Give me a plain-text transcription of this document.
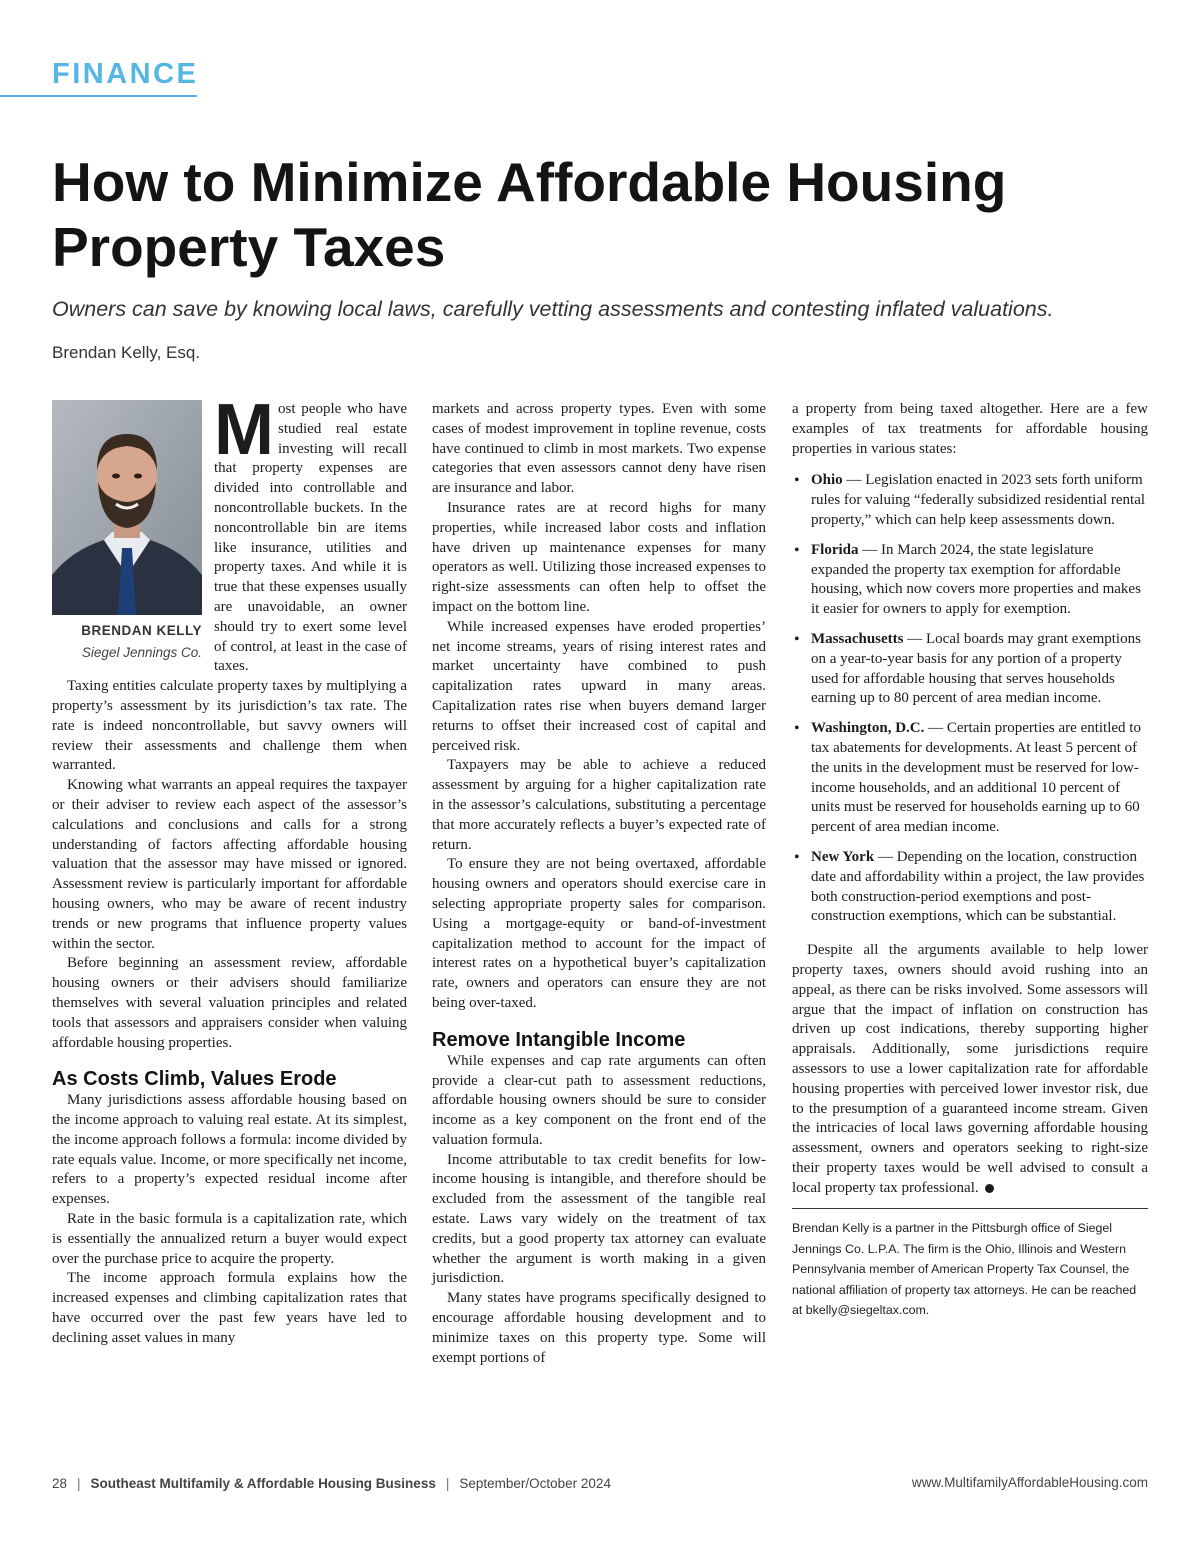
FINANCE
How to Minimize Affordable Housing Property Taxes

Owners can save by knowing local laws, carefully vetting assessments and contesting inflated valuations.

Brendan Kelly, Esq.
BRENDAN KELLY
Siegel Jennings Co.
M ost people who have studied real estate investing will recall that property expenses are divided into controllable and noncontrollable buckets. In the noncontrollable bin are items like insurance, utilities and property taxes. And while it is true that these expenses usually are unavoidable, an owner should try to exert some level of control, at least in the case of taxes.

Taxing entities calculate property taxes by multiplying a property’s assessment by its jurisdiction’s tax rate. The rate is indeed noncontrollable, but savvy owners will review their assessments and challenge them when warranted.

Knowing what warrants an appeal requires the taxpayer or their adviser to review each aspect of the assessor’s calculations and conclusions and calls for a strong understanding of factors affecting affordable housing valuation that the assessor may have missed or ignored. Assessment review is particularly important for affordable housing owners, who may be aware of recent industry trends or new programs that influence property values within the sector.

Before beginning an assessment review, affordable housing owners or their advisers should familiarize themselves with several valuation principles and related tools that assessors and appraisers consider when valuing affordable housing properties.

As Costs Climb, Values Erode

Many jurisdictions assess affordable housing based on the income approach to valuing real estate. At its simplest, the income approach follows a formula: income divided by rate equals value. Income, or more specifically net income, refers to a property’s expected residual income after expenses.

Rate in the basic formula is a capitalization rate, which is essentially the annualized return a buyer would expect over the purchase price to acquire the property.

The income approach formula explains how the increased expenses and climbing capitalization rates that have occurred over the past few years have led to declining asset values in many

markets and across property types. Even with some cases of modest improvement in topline revenue, costs have continued to climb in most markets. Two expense categories that even assessors cannot deny have risen are insurance and labor.

Insurance rates are at record highs for many properties, while increased labor costs and inflation have driven up maintenance expenses for many operators as well. Utilizing those increased expenses to right-size assessments can often help to offset the impact on the bottom line.

While increased expenses have eroded properties’ net income streams, years of rising interest rates and market uncertainty have combined to push capitalization rates upward in many areas. Capitalization rates rise when buyers demand larger returns to offset their increased cost of capital and perceived risk.

Taxpayers may be able to achieve a reduced assessment by arguing for a higher capitalization rate in the assessor’s calculations, substituting a percentage that more accurately reflects a buyer’s expected rate of return.

To ensure they are not being overtaxed, affordable housing owners and operators should exercise care in selecting appropriate property sales for comparison. Using a mortgage-equity or band-of-investment capitalization method to account for the impact of interest rates on a hypothetical buyer’s capitalization rate, owners and operators can ensure they are not being over-taxed.

Remove Intangible Income

While expenses and cap rate arguments can often provide a clear-cut path to assessment reductions, affordable housing owners should be sure to consider income as a key component on the front end of the valuation formula.

Income attributable to tax credit benefits for low-income housing is intangible, and therefore should be excluded from the assessment of the tangible real estate. Laws vary widely on the treatment of tax credits, but a good property tax attorney can evaluate whether the argument is worth making in a given jurisdiction.

Many states have programs specifically designed to encourage affordable housing development and to minimize taxes on this property type. Some will exempt portions of

a property from being taxed altogether. Here are a few examples of tax treatments for affordable housing properties in various states:

• Ohio — Legislation enacted in 2023 sets forth uniform rules for valuing “federally subsidized residential rental property,” which can help keep assessments down.
• Florida — In March 2024, the state legislature expanded the property tax exemption for affordable housing, which now covers more properties and makes it easier for owners to apply for exemption.
• Massachusetts — Local boards may grant exemptions on a year-to-year basis for any portion of a property used for affordable housing that serves households earning up to 80 percent of area median income.
• Washington, D.C. — Certain properties are entitled to tax abatements for developments. At least 5 percent of the units in the development must be reserved for low-income households, and an additional 10 percent of units must be reserved for households earning up to 60 percent of area median income.
• New York — Depending on the location, construction date and affordability within a project, the law provides both construction-period exemptions and post-construction exemptions, which can be substantial.

Despite all the arguments available to help lower property taxes, owners should avoid rushing into an appeal, as there can be risks involved. Some assessors will argue that the impact of inflation on construction has driven up cost indications, thereby supporting higher appraisals. Additionally, some jurisdictions require assessors to use a lower capitalization rate for affordable housing properties with perceived lower investor risk, due to the presumption of a guaranteed income stream. Given the intricacies of local laws governing affordable housing assessment, owners and operators seeking to right-size their property taxes would be well advised to consult a local property tax professional.

Brendan Kelly is a partner in the Pittsburgh office of Siegel Jennings Co. L.P.A. The firm is the Ohio, Illinois and Western Pennsylvania member of American Property Tax Counsel, the national affiliation of property tax attorneys. He can be reached at bkelly@siegeltax.com.
28 | Southeast Multifamily & Affordable Housing Business | September/October 2024	www.MultifamilyAffordableHousing.com
